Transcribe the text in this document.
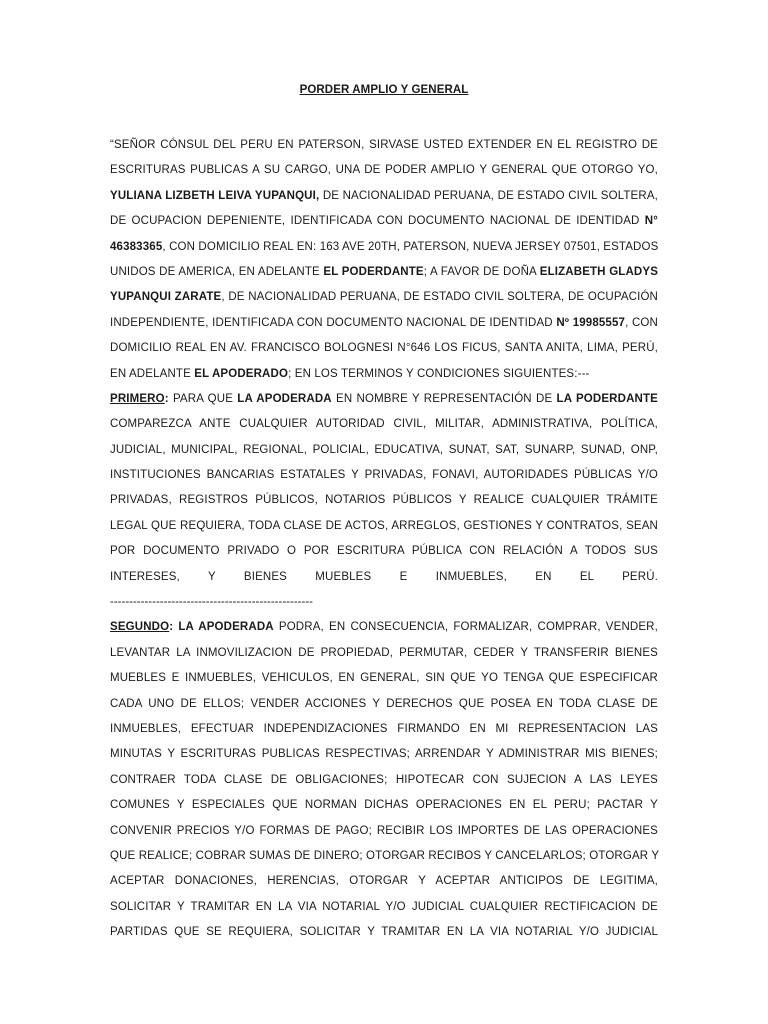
PORDER AMPLIO Y GENERAL
“SEÑOR CÓNSUL DEL PERU EN PATERSON, SIRVASE USTED EXTENDER EN EL REGISTRO DE
ESCRITURAS PUBLICAS A SU CARGO, UNA DE PODER AMPLIO Y GENERAL QUE OTORGO YO,
YULIANA LIZBETH LEIVA YUPANQUI, DE NACIONALIDAD PERUANA, DE ESTADO CIVIL SOLTERA,
DE OCUPACION DEPENIENTE, IDENTIFICADA CON DOCUMENTO NACIONAL DE IDENTIDAD N°
46383365, CON DOMICILIO REAL EN: 163 AVE 20TH, PATERSON, NUEVA JERSEY 07501, ESTADOS
UNIDOS DE AMERICA, EN ADELANTE EL PODERDANTE; A FAVOR DE DOÑA ELIZABETH GLADYS
YUPANQUI ZARATE, DE NACIONALIDAD PERUANA, DE ESTADO CIVIL SOLTERA, DE OCUPACIÓN
INDEPENDIENTE, IDENTIFICADA CON DOCUMENTO NACIONAL DE IDENTIDAD Nº 19985557, CON
DOMICILIO REAL EN AV. FRANCISCO BOLOGNESI N°646 LOS FICUS, SANTA ANITA, LIMA, PERÚ,
EN ADELANTE EL APODERADO; EN LOS TERMINOS Y CONDICIONES SIGUIENTES:---
PRIMERO: PARA QUE LA APODERADA EN NOMBRE Y REPRESENTACIÓN DE LA PODERDANTE
COMPAREZCA ANTE CUALQUIER AUTORIDAD CIVIL, MILITAR, ADMINISTRATIVA, POLÍTICA,
JUDICIAL, MUNICIPAL, REGIONAL, POLICIAL, EDUCATIVA, SUNAT, SAT, SUNARP, SUNAD, ONP,
INSTITUCIONES BANCARIAS ESTATALES Y PRIVADAS, FONAVI, AUTORIDADES PÚBLICAS Y/O
PRIVADAS, REGISTROS PÚBLICOS, NOTARIOS PÚBLICOS Y REALICE CUALQUIER TRÁMITE
LEGAL QUE REQUIERA, TODA CLASE DE ACTOS, ARREGLOS, GESTIONES Y CONTRATOS, SEAN
POR DOCUMENTO PRIVADO O POR ESCRITURA PÚBLICA CON RELACIÓN A TODOS SUS
INTERESES, Y BIENES MUEBLES E INMUEBLES, EN EL PERÚ.
-----------------------------------------------------
SEGUNDO: LA APODERADA PODRA, EN CONSECUENCIA, FORMALIZAR, COMPRAR, VENDER,
LEVANTAR LA INMOVILIZACION DE PROPIEDAD, PERMUTAR, CEDER Y TRANSFERIR BIENES
MUEBLES E INMUEBLES, VEHICULOS, EN GENERAL, SIN QUE YO TENGA QUE ESPECIFICAR
CADA UNO DE ELLOS; VENDER ACCIONES Y DERECHOS QUE POSEA EN TODA CLASE DE
INMUEBLES, EFECTUAR INDEPENDIZACIONES FIRMANDO EN MI REPRESENTACION LAS
MINUTAS Y ESCRITURAS PUBLICAS RESPECTIVAS; ARRENDAR Y ADMINISTRAR MIS BIENES;
CONTRAER TODA CLASE DE OBLIGACIONES; HIPOTECAR CON SUJECION A LAS LEYES
COMUNES Y ESPECIALES QUE NORMAN DICHAS OPERACIONES EN EL PERU; PACTAR Y
CONVENIR PRECIOS Y/O FORMAS DE PAGO; RECIBIR LOS IMPORTES DE LAS OPERACIONES
QUE REALICE; COBRAR SUMAS DE DINERO; OTORGAR RECIBOS Y CANCELARLOS; OTORGAR Y
ACEPTAR DONACIONES, HERENCIAS, OTORGAR Y ACEPTAR ANTICIPOS DE LEGITIMA,
SOLICITAR Y TRAMITAR EN LA VIA NOTARIAL Y/O JUDICIAL CUALQUIER RECTIFICACION DE
PARTIDAS QUE SE REQUIERA, SOLICITAR Y TRAMITAR EN LA VIA NOTARIAL Y/O JUDICIAL
